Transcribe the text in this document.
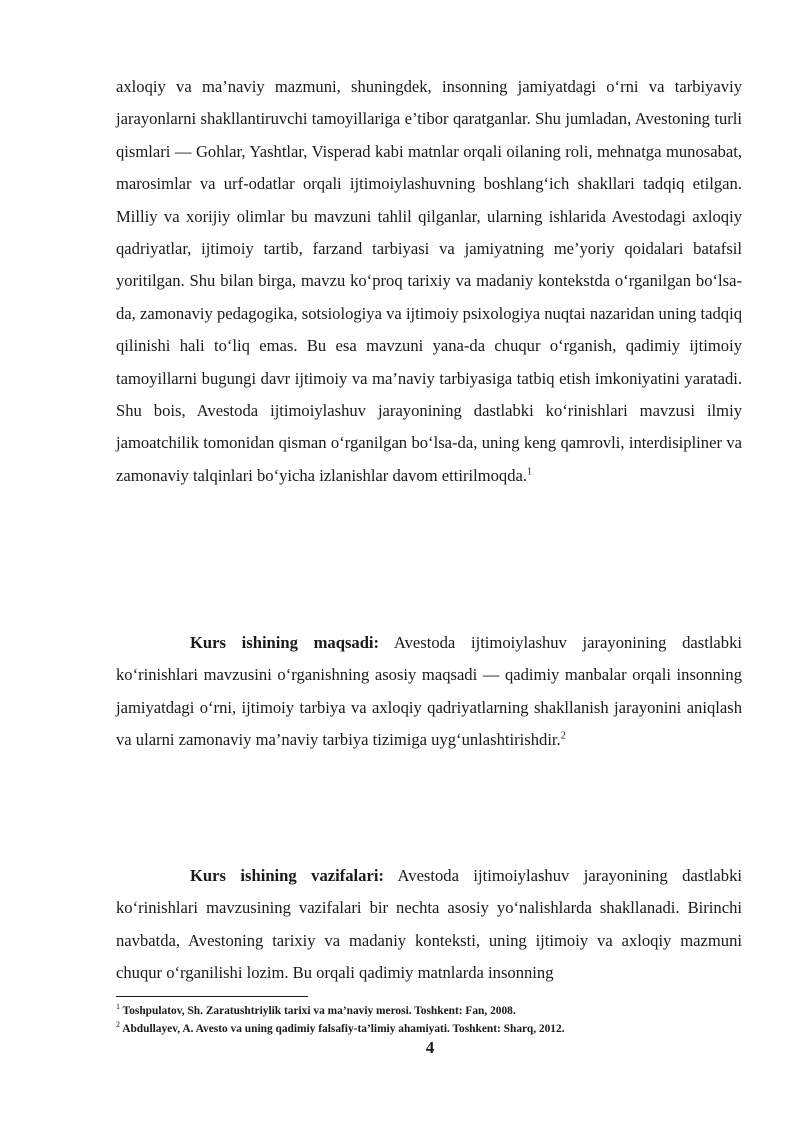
axloqiy va ma’naviy mazmuni, shuningdek, insonning jamiyatdagi o‘rni va tarbiyaviy jarayonlarni shakllantiruvchi tamoyillariga e’tibor qaratganlar. Shu jumladan, Avestoning turli qismlari — Gohlar, Yashtlar, Visperad kabi matnlar orqali oilaning roli, mehnatga munosabat, marosimlar va urf-odatlar orqali ijtimoiylashuvning boshlang‘ich shakllari tadqiq etilgan. Milliy va xorijiy olimlar bu mavzuni tahlil qilganlar, ularning ishlarida Avestodagi axloqiy qadriyatlar, ijtimoiy tartib, farzand tarbiyasi va jamiyatning me’yoriy qoidalari batafsil yoritilgan. Shu bilan birga, mavzu ko‘proq tarixiy va madaniy kontekstda o‘rganilgan bo‘lsa-da, zamonaviy pedagogika, sotsiologiya va ijtimoiy psixologiya nuqtai nazaridan uning tadqiq qilinishi hali to‘liq emas. Bu esa mavzuni yana-da chuqur o‘rganish, qadimiy ijtimoiy tamoyillarni bugungi davr ijtimoiy va ma’naviy tarbiyasiga tatbiq etish imkoniyatini yaratadi. Shu bois, Avestoda ijtimoiylashuv jarayonining dastlabki ko‘rinishlari mavzusi ilmiy jamoatchilik tomonidan qisman o‘rganilgan bo‘lsa-da, uning keng qamrovli, interdisipliner va zamonaviy talqinlari bo‘yicha izlanishlar davom ettirilmoqda.$^1$

Kurs ishining maqsadi: Avestoda ijtimoiylashuv jarayonining dastlabki ko‘rinishlari mavzusini o‘rganishning asosiy maqsadi — qadimiy manbalar orqali insonning jamiyatdagi o‘rni, ijtimoiy tarbiya va axloqiy qadriyatlarning shakllanish jarayonini aniqlash va ularni zamonaviy ma’naviy tarbiya tizimiga uyg‘unlashtirishdir.$^2$

Kurs ishining vazifalari: Avestoda ijtimoiylashuv jarayonining dastlabki ko‘rinishlari mavzusining vazifalari bir nechta asosiy yo‘nalishlarda shakllanadi. Birinchi navbatda, Avestoning tarixiy va madaniy konteksti, uning ijtimoiy va axloqiy mazmuni chuqur o‘rganilishi lozim. Bu orqali qadimiy matnlarda insonning

$^1$ Toshpulatov, Sh. Zaratushtriylik tarixi va ma’naviy merosi. Toshkent: Fan, 2008.
$^2$ Abdullayev, A. Avesto va uning qadimiy falsafiy-ta’limiy ahamiyati. Toshkent: Sharq, 2012.
4
